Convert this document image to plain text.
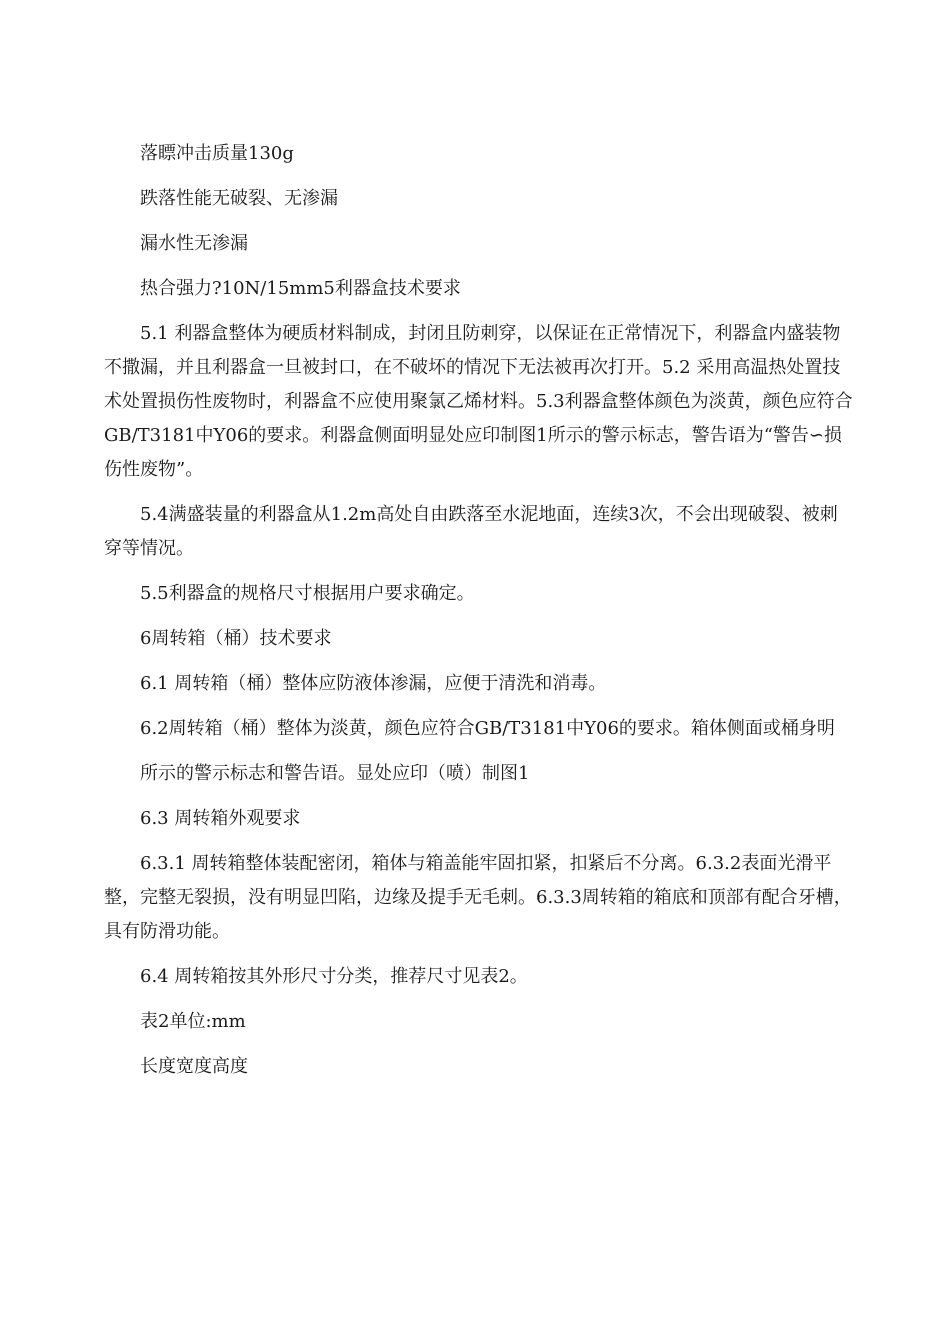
落瞟冲击质量130g

跌落性能无破裂、无渗漏

漏水性无渗漏

热合强力?10N/15mm5利器盒技术要求

5.1 利器盒整体为硬质材料制成，封闭且防刺穿，以保证在正常情况下，利器盒内盛装物不撒漏，并且利器盒一旦被封口，在不破坏的情况下无法被再次打开。5.2 采用高温热处置技术处置损伤性废物时，利器盒不应使用聚氯乙烯材料。5.3利器盒整体颜色为淡黄，颜色应符合GB/T3181中Y06的要求。利器盒侧面明显处应印制图1所示的警示标志，警告语为“警告∽损伤性废物”。

5.4满盛装量的利器盒从1.2m高处自由跌落至水泥地面，连续3次，不会出现破裂、被刺穿等情况。

5.5利器盒的规格尺寸根据用户要求确定。

6周转箱（桶）技术要求

6.1 周转箱（桶）整体应防液体渗漏，应便于清洗和消毒。

6.2周转箱（桶）整体为淡黄，颜色应符合GB/T3181中Y06的要求。箱体侧面或桶身明

所示的警示标志和警告语。显处应印（喷）制图1

6.3 周转箱外观要求

6.3.1 周转箱整体装配密闭，箱体与箱盖能牢固扣紧，扣紧后不分离。6.3.2表面光滑平整，完整无裂损，没有明显凹陷，边缘及提手无毛刺。6.3.3周转箱的箱底和顶部有配合牙槽，具有防滑功能。

6.4 周转箱按其外形尺寸分类，推荐尺寸见表2。

表2单位:mm

长度宽度高度
